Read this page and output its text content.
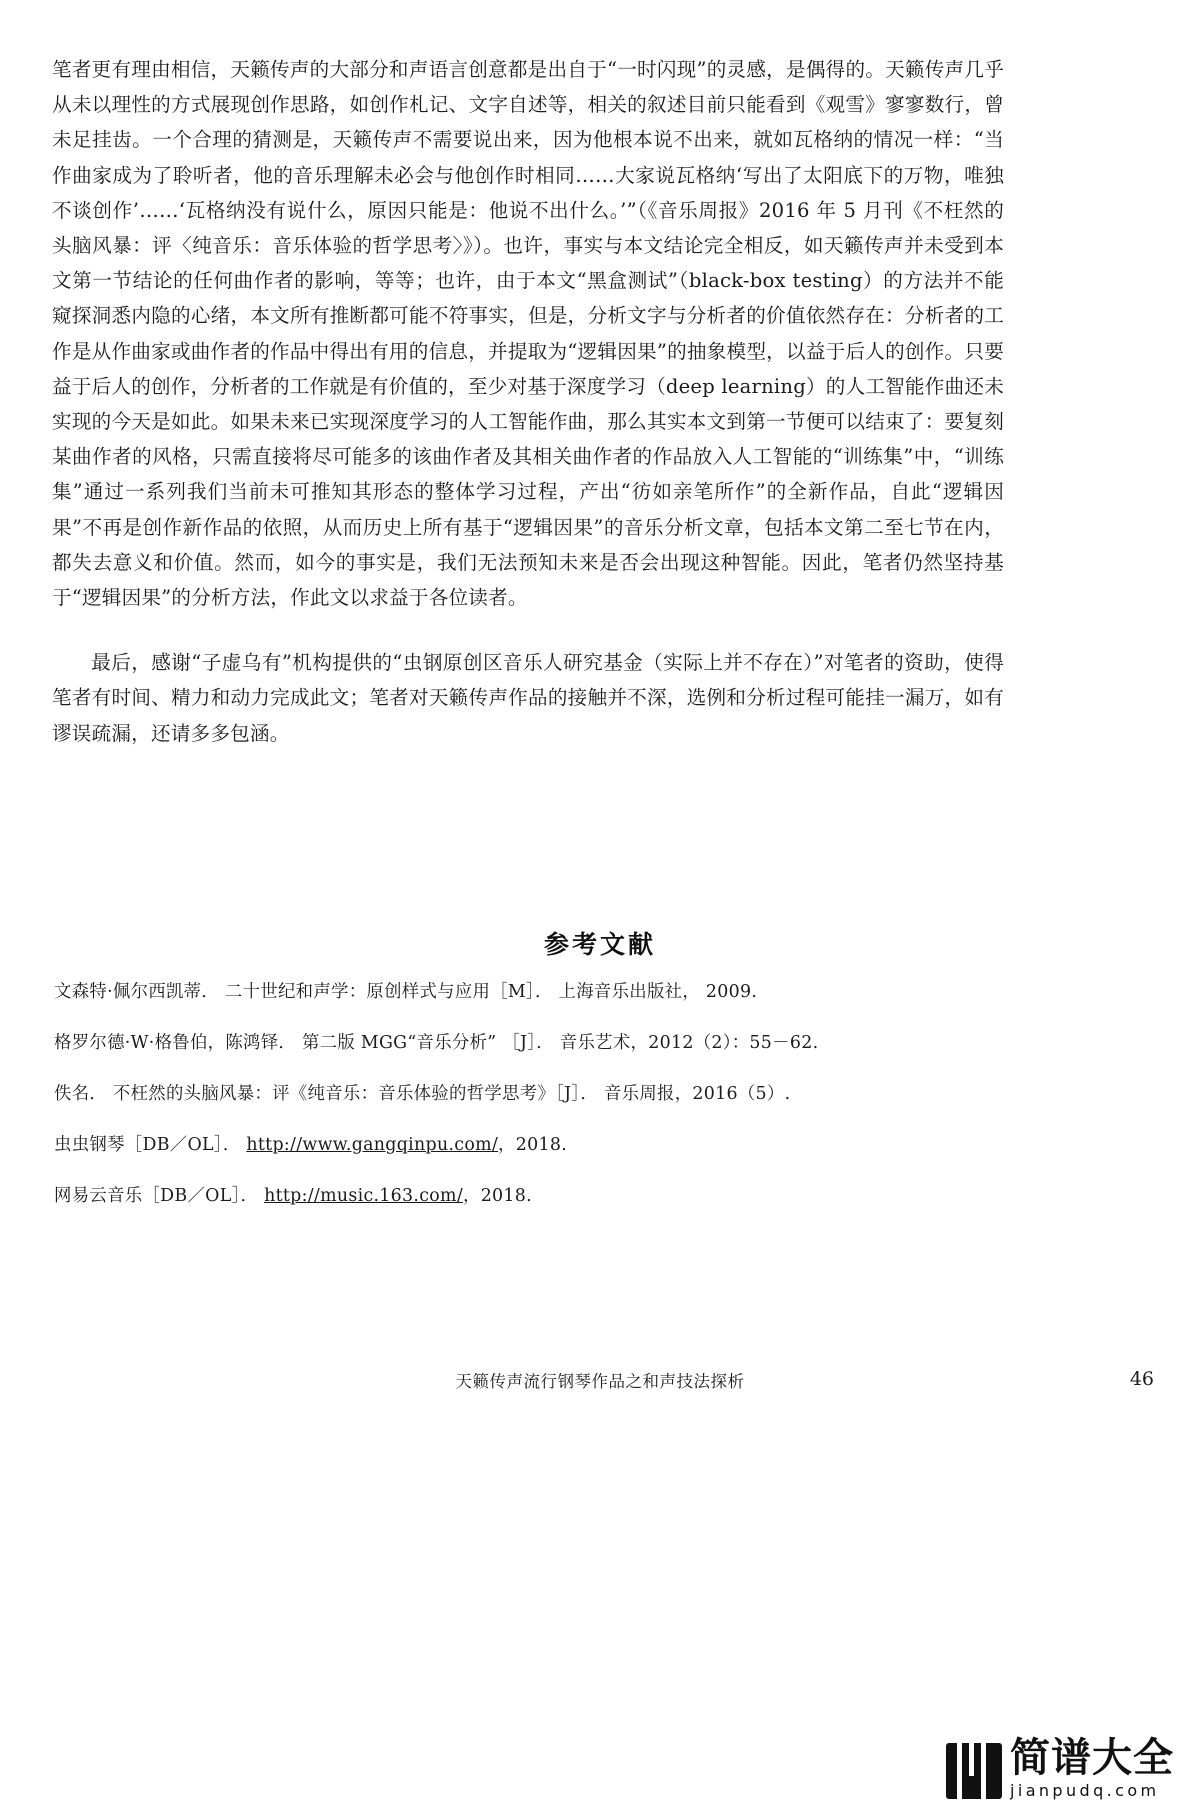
笔者更有理由相信，天籁传声的大部分和声语言创意都是出自于“一时闪现”的灵感，是偶得的。天籁传声几乎从未以理性的方式展现创作思路，如创作札记、文字自述等，相关的叙述目前只能看到《观雪》寥寥数行，曾未足挂齿。一个合理的猜测是，天籁传声不需要说出来，因为他根本说不出来，就如瓦格纳的情况一样：“当作曲家成为了聆听者，他的音乐理解未必会与他创作时相同……大家说瓦格纳‘写出了太阳底下的万物，唯独不谈创作’……‘瓦格纳没有说什么，原因只能是：他说不出什么。’”（《音乐周报》2016 年 5 月刊《不枉然的头脑风暴：评〈纯音乐：音乐体验的哲学思考〉》）。也许，事实与本文结论完全相反，如天籁传声并未受到本文第一节结论的任何曲作者的影响，等等；也许，由于本文“黑盒测试”（black-box testing）的方法并不能窥探洞悉内隐的心绪，本文所有推断都可能不符事实，但是，分析文字与分析者的价值依然存在：分析者的工作是从作曲家或曲作者的作品中得出有用的信息，并提取为“逻辑因果”的抽象模型，以益于后人的创作。只要益于后人的创作，分析者的工作就是有价值的，至少对基于深度学习（deep learning）的人工智能作曲还未实现的今天是如此。如果未来已实现深度学习的人工智能作曲，那么其实本文到第一节便可以结束了：要复刻某曲作者的风格，只需直接将尽可能多的该曲作者及其相关曲作者的作品放入人工智能的“训练集”中，“训练集”通过一系列我们当前未可推知其形态的整体学习过程，产出“彷如亲笔所作”的全新作品，自此“逻辑因果”不再是创作新作品的依照，从而历史上所有基于“逻辑因果”的音乐分析文章，包括本文第二至七节在内，都失去意义和价值。然而，如今的事实是，我们无法预知未来是否会出现这种智能。因此，笔者仍然坚持基于“逻辑因果”的分析方法，作此文以求益于各位读者。

最后，感谢“子虚乌有”机构提供的“虫钢原创区音乐人研究基金（实际上并不存在）”对笔者的资助，使得笔者有时间、精力和动力完成此文；笔者对天籁传声作品的接触并不深，选例和分析过程可能挂一漏万，如有谬误疏漏，还请多多包涵。

参考文献
文森特·佩尔西凯蒂． 二十世纪和声学：原创样式与应用［M］． 上海音乐出版社， 2009.
格罗尔德·W·格鲁伯，陈鸿铎． 第二版 MGG“音乐分析” ［J］． 音乐艺术，2012（2）：55－62.
佚名． 不枉然的头脑风暴：评《纯音乐：音乐体验的哲学思考》［J］． 音乐周报，2016（5）.
虫虫钢琴［DB／OL］． http://www.gangqinpu.com/，2018.
网易云音乐［DB／OL］． http://music.163.com/，2018.
天籁传声流行钢琴作品之和声技法探析	46
简谱大全
jianpudq.com
